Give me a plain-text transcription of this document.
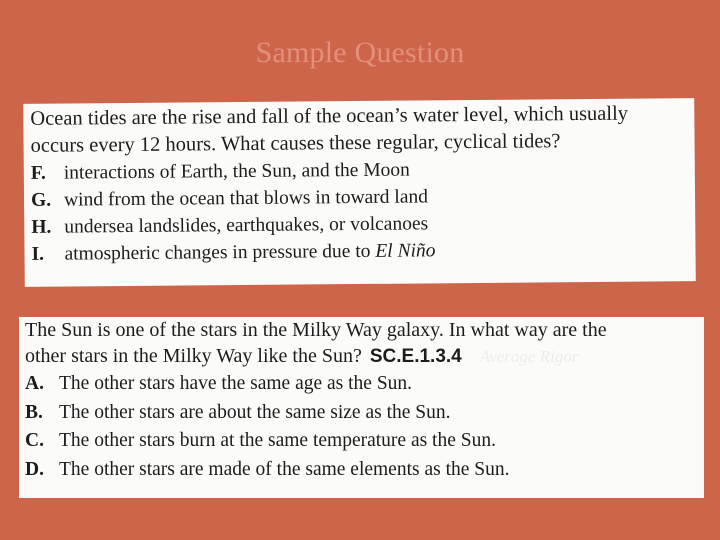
Sample Question

Ocean tides are the rise and fall of the ocean’s water level, which usually
occurs every 12 hours. What causes these regular, cyclical tides?

F. interactions of Earth, the Sun, and the Moon
G. wind from the ocean that blows in toward land
H. undersea landslides, earthquakes, or volcanoes
I.	atmospheric changes in pressure due to El Niño

The Sun is one of the stars in the Milky Way galaxy. In what way are the
other stars in the Milky Way like the Sun? SC.E.1.3.4 Average Rigor

A. The other stars have the same age as the Sun.
B. The other stars are about the same size as the Sun.
C. The other stars burn at the same temperature as the Sun.
D. The other stars are made of the same elements as the Sun.
